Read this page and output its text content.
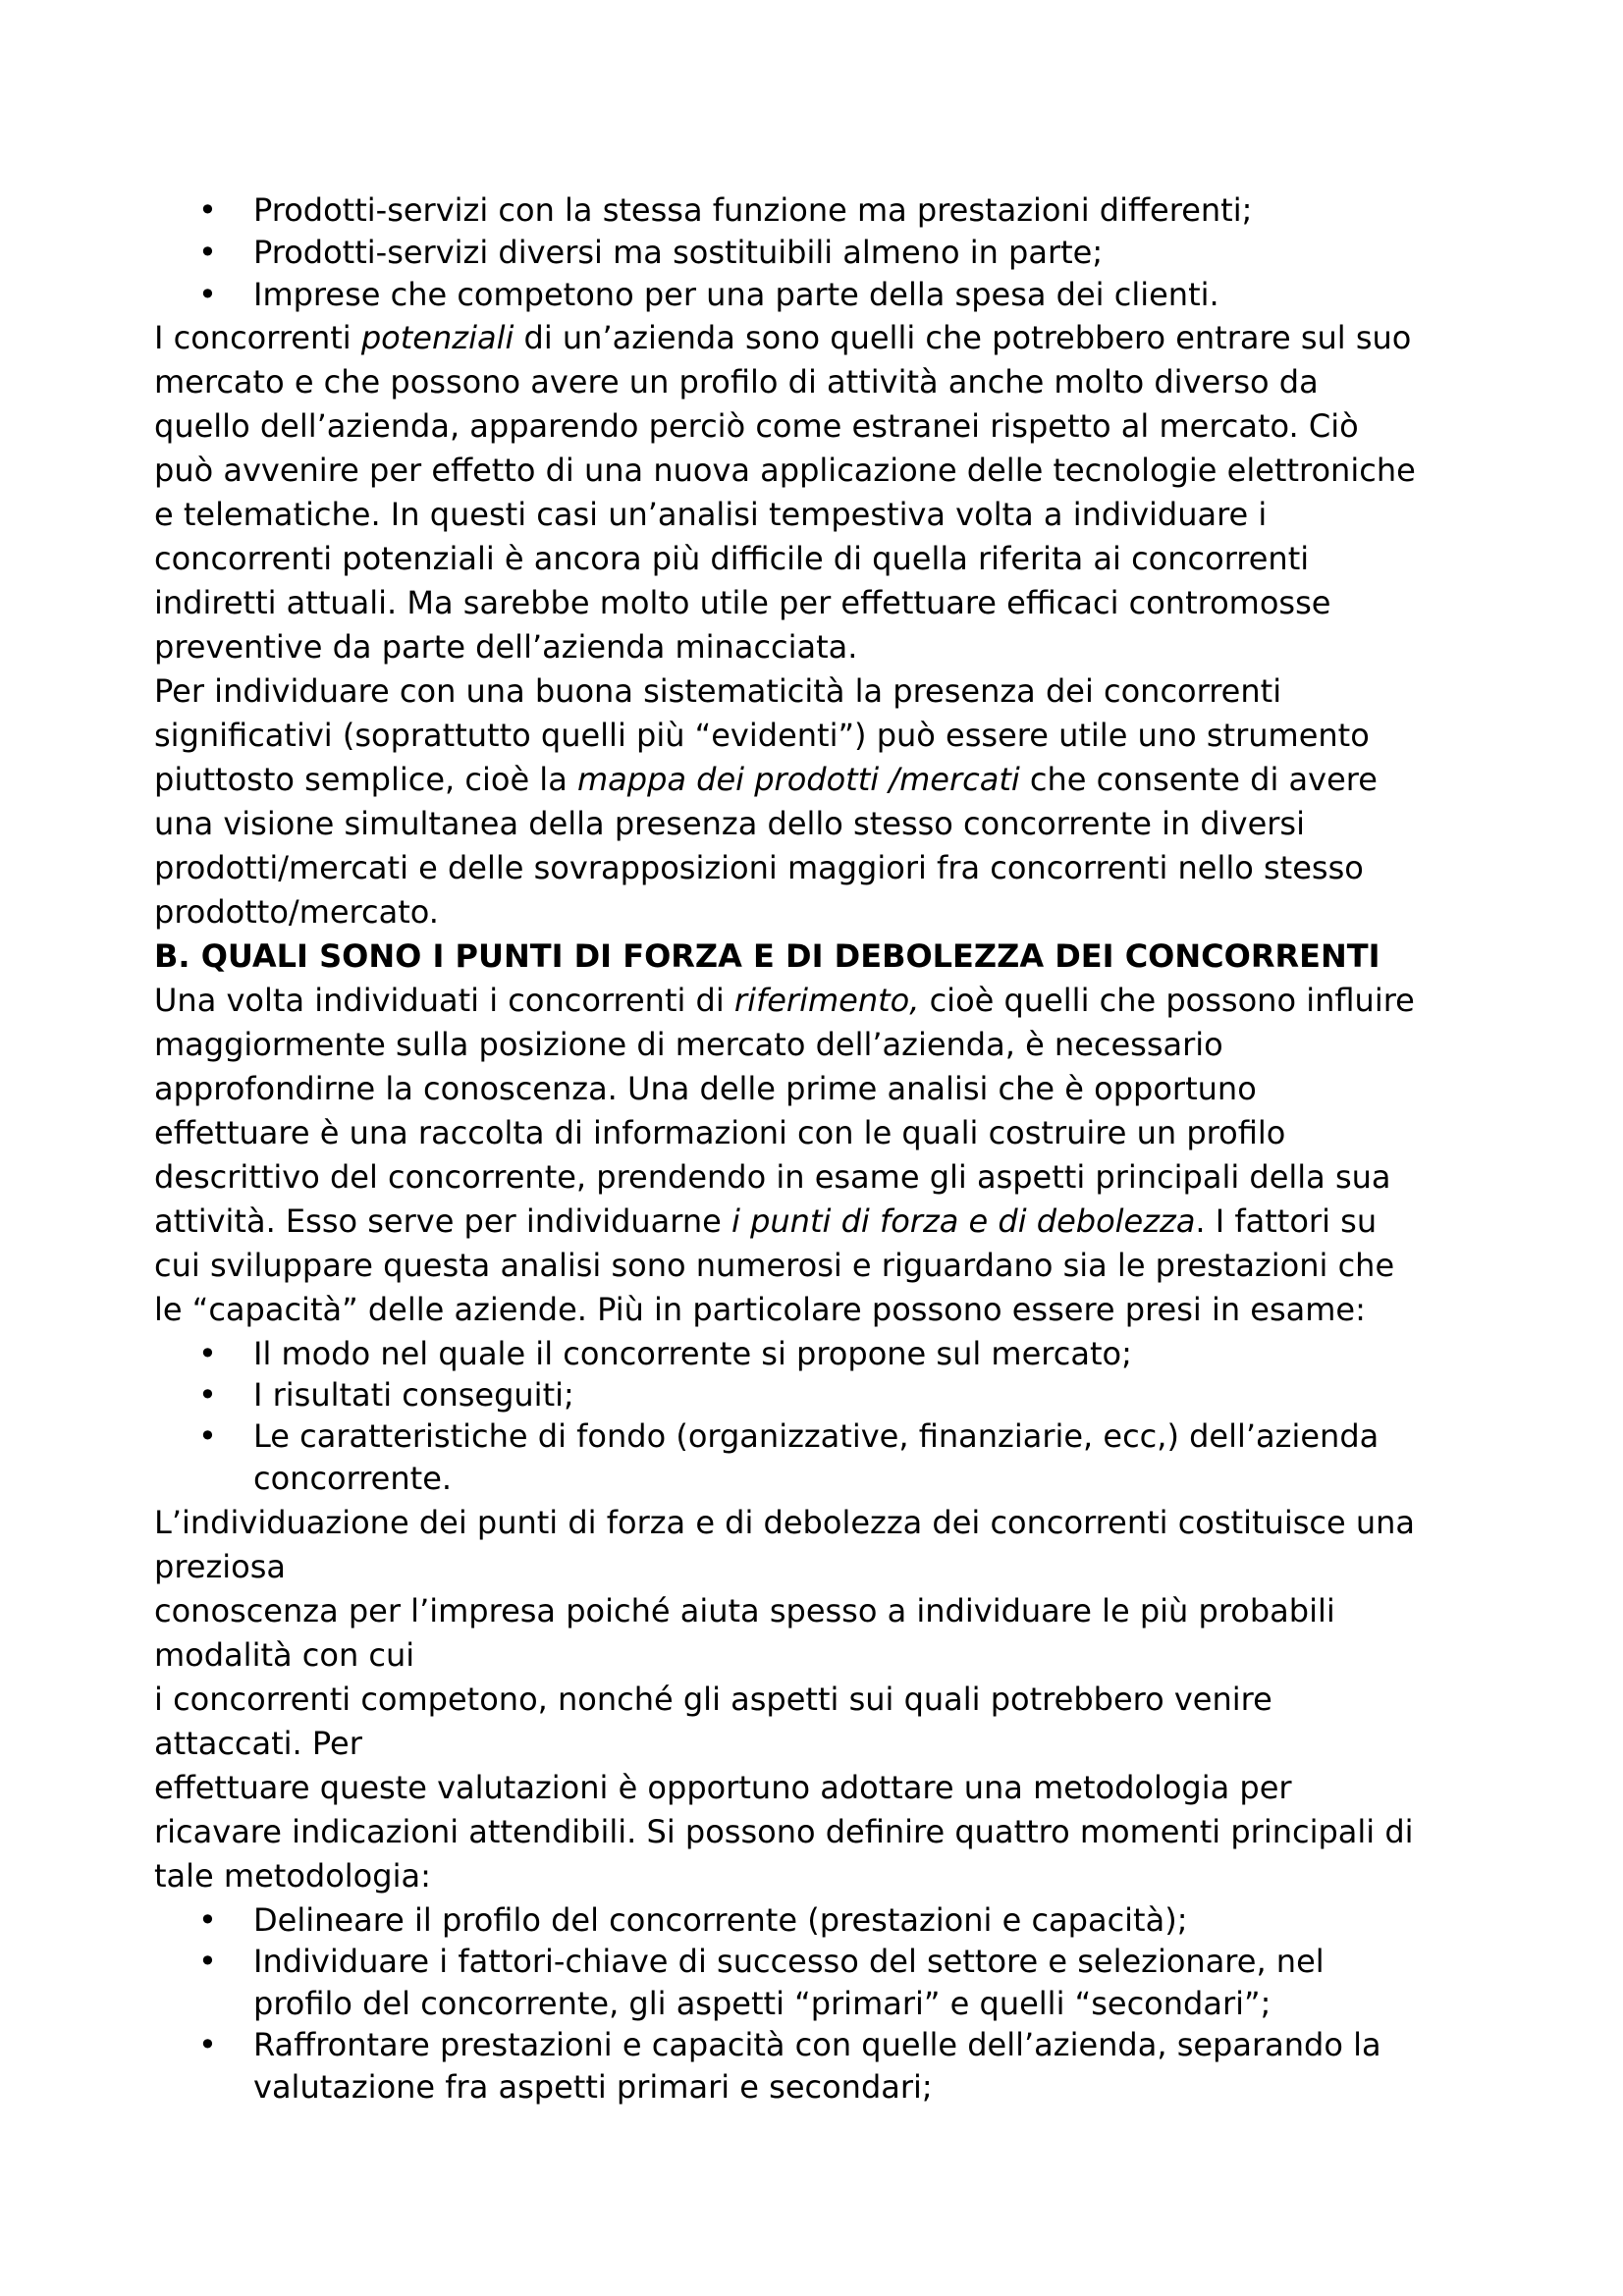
• Prodotti-servizi con la stessa funzione ma prestazioni differenti;
• Prodotti-servizi diversi ma sostituibili almeno in parte;
• Imprese che competono per una parte della spesa dei clienti.
I concorrenti potenziali di un’azienda sono quelli che potrebbero entrare sul suo
mercato e che possono avere un profilo di attività anche molto diverso da
quello dell’azienda, apparendo perciò come estranei rispetto al mercato. Ciò
può avvenire per effetto di una nuova applicazione delle tecnologie elettroniche
e telematiche. In questi casi un’analisi tempestiva volta a individuare i
concorrenti potenziali è ancora più difficile di quella riferita ai concorrenti
indiretti attuali. Ma sarebbe molto utile per effettuare efficaci contromosse
preventive da parte dell’azienda minacciata.
Per individuare con una buona sistematicità la presenza dei concorrenti
significativi (soprattutto quelli più “evidenti”) può essere utile uno strumento
piuttosto semplice, cioè la mappa dei prodotti /mercati che consente di avere
una visione simultanea della presenza dello stesso concorrente in diversi
prodotti/mercati e delle sovrapposizioni maggiori fra concorrenti nello stesso
prodotto/mercato.
B. QUALI SONO I PUNTI DI FORZA E DI DEBOLEZZA DEI CONCORRENTI
Una volta individuati i concorrenti di riferimento, cioè quelli che possono influire
maggiormente sulla posizione di mercato dell’azienda, è necessario
approfondirne la conoscenza. Una delle prime analisi che è opportuno
effettuare è una raccolta di informazioni con le quali costruire un profilo
descrittivo del concorrente, prendendo in esame gli aspetti principali della sua
attività. Esso serve per individuarne i punti di forza e di debolezza. I fattori su
cui sviluppare questa analisi sono numerosi e riguardano sia le prestazioni che
le “capacità” delle aziende. Più in particolare possono essere presi in esame:
• Il modo nel quale il concorrente si propone sul mercato;
• I risultati conseguiti;
• Le caratteristiche di fondo (organizzative, finanziarie, ecc,) dell’azienda
concorrente.
L’individuazione dei punti di forza e di debolezza dei concorrenti costituisce una
preziosa
conoscenza per l’impresa poiché aiuta spesso a individuare le più probabili
modalità con cui
i concorrenti competono, nonché gli aspetti sui quali potrebbero venire
attaccati. Per
effettuare queste valutazioni è opportuno adottare una metodologia per
ricavare indicazioni attendibili. Si possono definire quattro momenti principali di
tale metodologia:
• Delineare il profilo del concorrente (prestazioni e capacità);
• Individuare i fattori-chiave di successo del settore e selezionare, nel
profilo del concorrente, gli aspetti “primari” e quelli “secondari”;
• Raffrontare prestazioni e capacità con quelle dell’azienda, separando la
valutazione fra aspetti primari e secondari;
